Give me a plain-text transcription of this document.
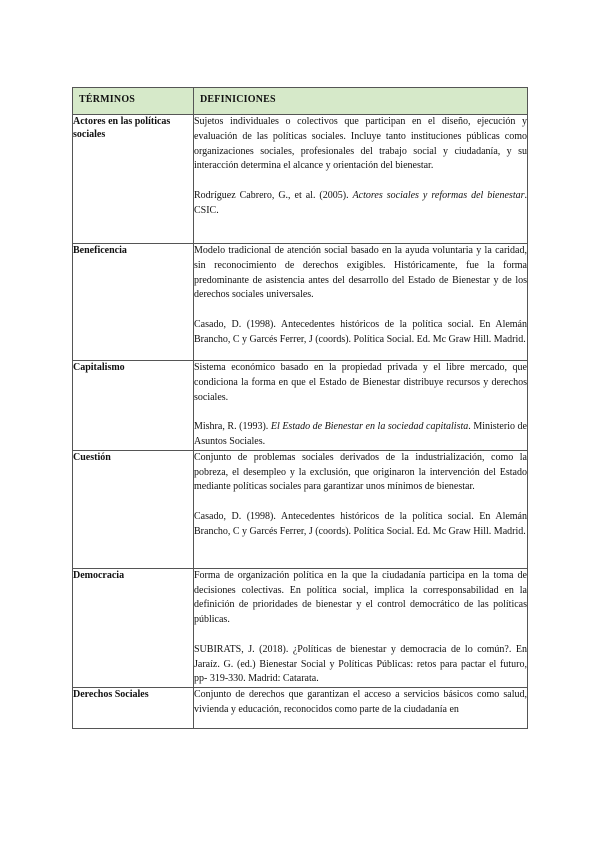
TÉRMINOS	DEFINICIONES
Actores en las políticas sociales	Sujetos individuales o colectivos que participan en el diseño, ejecución y evaluación de las políticas sociales. Incluye tanto instituciones públicas como organizaciones sociales, profesionales del trabajo social y ciudadanía, y su interacción determina el alcance y orientación del bienestar.

Rodríguez Cabrero, G., et al. (2005). Actores sociales y reformas del bienestar. CSIC.

Beneficencia	Modelo tradicional de atención social basado en la ayuda voluntaria y la caridad, sin reconocimiento de derechos exigibles. Históricamente, fue la forma predominante de asistencia antes del desarrollo del Estado de Bienestar y de los derechos sociales universales.

Casado, D. (1998). Antecedentes históricos de la política social. En Alemán Brancho, C y Garcés Ferrer, J (coords). Política Social. Ed. Mc Graw Hill. Madrid.

Capitalismo	Sistema económico basado en la propiedad privada y el libre mercado, que condiciona la forma en que el Estado de Bienestar distribuye recursos y derechos sociales.

Mishra, R. (1993). El Estado de Bienestar en la sociedad capitalista. Ministerio de Asuntos Sociales.

Cuestión	Conjunto de problemas sociales derivados de la industrialización, como la pobreza, el desempleo y la exclusión, que originaron la intervención del Estado mediante políticas sociales para garantizar unos mínimos de bienestar.

Casado, D. (1998). Antecedentes históricos de la política social. En Alemán Brancho, C y Garcés Ferrer, J (coords). Política Social. Ed. Mc Graw Hill. Madrid.

Democracia	Forma de organización política en la que la ciudadanía participa en la toma de decisiones colectivas. En política social, implica la corresponsabilidad en la definición de prioridades de bienestar y el control democrático de las políticas públicas.

SUBIRATS, J. (2018). ¿Políticas de bienestar y democracia de lo común?. En Jaraíz. G. (ed.) Bienestar Social y Políticas Públicas: retos para pactar el futuro, pp- 319-330. Madrid: Catarata.

Derechos Sociales	Conjunto de derechos que garantizan el acceso a servicios básicos como salud, vivienda y educación, reconocidos como parte de la ciudadanía en
